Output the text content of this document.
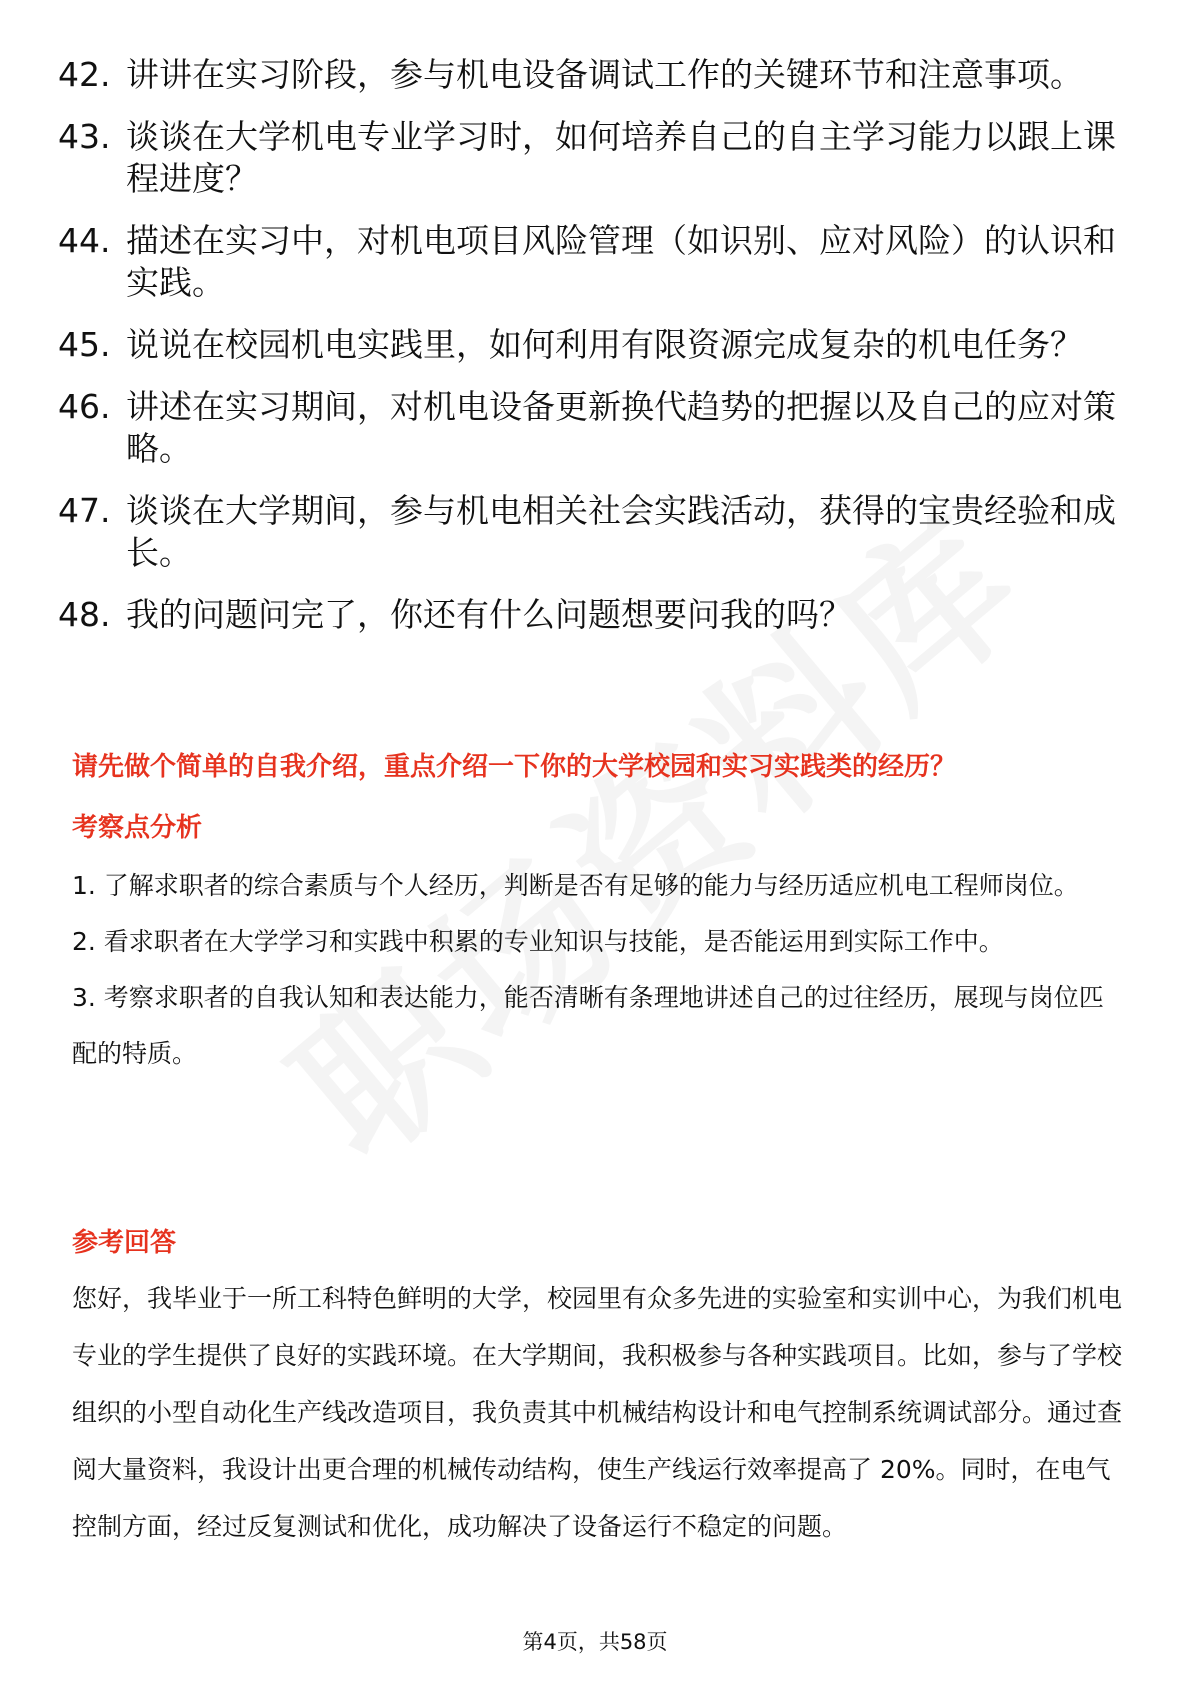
42. 讲讲在实习阶段，参与机电设备调试工作的关键环节和注意事项。
43. 谈谈在大学机电专业学习时，如何培养自己的自主学习能力以跟上课程进度？
44. 描述在实习中，对机电项目风险管理（如识别、应对风险）的认识和实践。
45. 说说在校园机电实践里，如何利用有限资源完成复杂的机电任务？
46. 讲述在实习期间，对机电设备更新换代趋势的把握以及自己的应对策略。
47. 谈谈在大学期间，参与机电相关社会实践活动，获得的宝贵经验和成长。
48. 我的问题问完了，你还有什么问题想要问我的吗？
请先做个简单的自我介绍，重点介绍一下你的大学校园和实习实践类的经历？
考察点分析

1. 了解求职者的综合素质与个人经历，判断是否有足够的能力与经历适应机电工程师岗位。

2. 看求职者在大学学习和实践中积累的专业知识与技能，是否能运用到实际工作中。

3. 考察求职者的自我认知和表达能力，能否清晰有条理地讲述自己的过往经历，展现与岗位匹配的特质。

参考回答

您好，我毕业于一所工科特色鲜明的大学，校园里有众多先进的实验室和实训中心，为我们机电专业的学生提供了良好的实践环境。在大学期间，我积极参与各种实践项目。比如，参与了学校组织的小型自动化生产线改造项目，我负责其中机械结构设计和电气控制系统调试部分。通过查阅大量资料，我设计出更合理的机械传动结构，使生产线运行效率提高了 20%。同时，在电气控制方面，经过反复测试和优化，成功解决了设备运行不稳定的问题。

第4页，共58页
